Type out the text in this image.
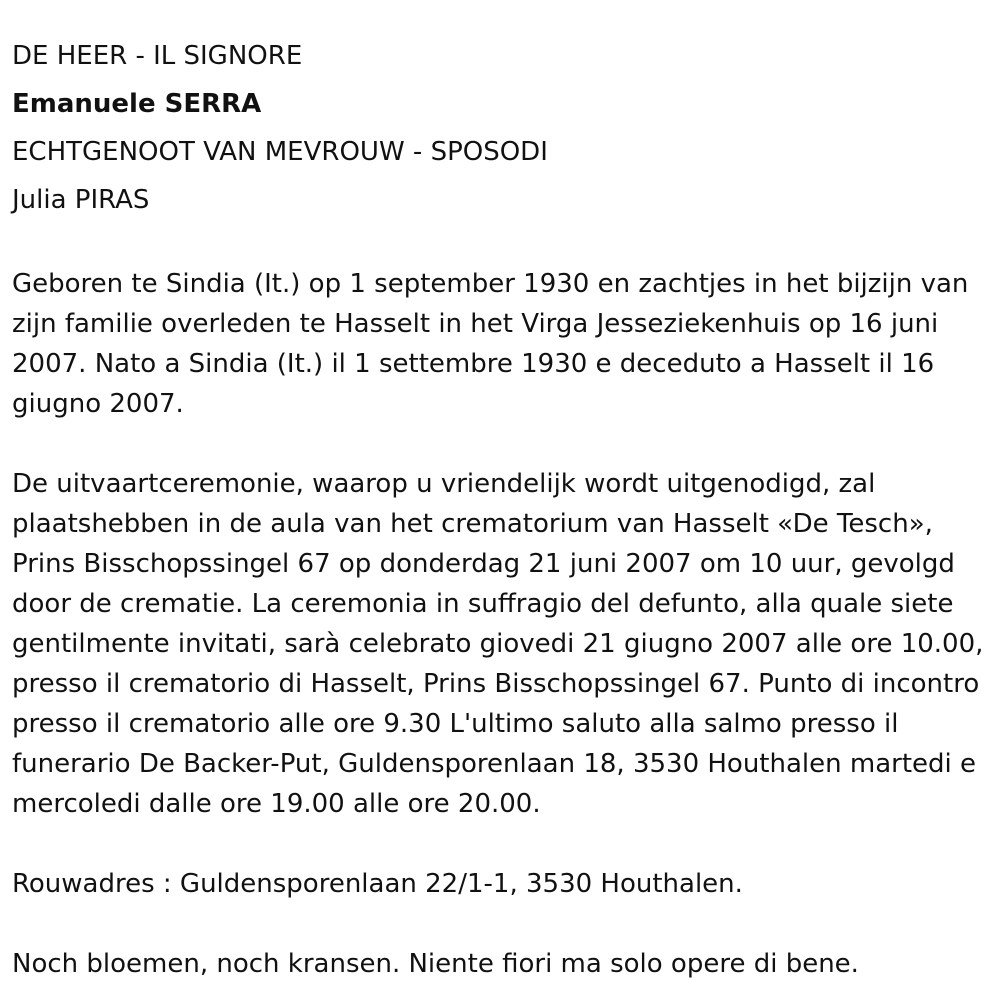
DE HEER - IL SIGNORE

Emanuele SERRA

ECHTGENOOT VAN MEVROUW - SPOSODI

Julia PIRAS

Geboren te Sindia (It.) op 1 september 1930 en zachtjes in het bijzijn van zijn familie overleden te Hasselt in het Virga Jesseziekenhuis op 16 juni 2007. Nato a Sindia (It.) il 1 settembre 1930 e deceduto a Hasselt il 16 giugno 2007.

De uitvaartceremonie, waarop u vriendelijk wordt uitgenodigd, zal plaatshebben in de aula van het crematorium van Hasselt «De Tesch», Prins Bisschopssingel 67 op donderdag 21 juni 2007 om 10 uur, gevolgd door de crematie. La ceremonia in suffragio del defunto, alla quale siete gentilmente invitati, sarà celebrato giovedi 21 giugno 2007 alle ore 10.00, presso il crematorio di Hasselt, Prins Bisschopssingel 67. Punto di incontro presso il crematorio alle ore 9.30 L'ultimo saluto alla salmo presso il funerario De Backer-Put, Guldensporenlaan 18, 3530 Houthalen martedi e mercoledi dalle ore 19.00 alle ore 20.00.

Rouwadres : Guldensporenlaan 22/1-1, 3530 Houthalen.

Noch bloemen, noch kransen. Niente fiori ma solo opere di bene.
